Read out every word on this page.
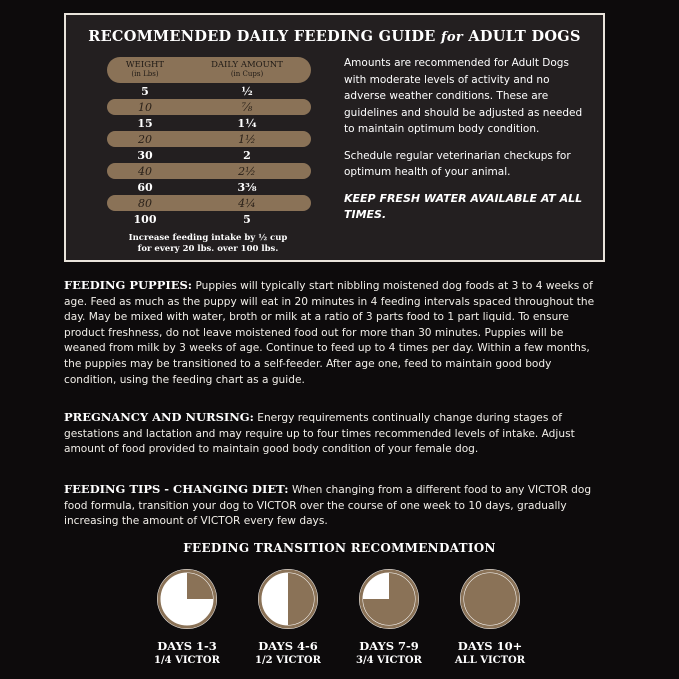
RECOMMENDED DAILY FEEDING GUIDE for ADULT DOGS
WEIGHT
(in Lbs)
DAILY AMOUNT
(in Cups)
5	½
10	⅞
15	1¼
20	1½
30	2
40	2½
60	3⅜
80	4¼
100	5
Increase feeding intake by ½ cup
for every 20 lbs. over 100 lbs.

Amounts are recommended for Adult Dogs with moderate levels of activity and no adverse weather conditions. These are guidelines and should be adjusted as needed to maintain optimum body condition.

Schedule regular veterinarian checkups for optimum health of your animal.

KEEP FRESH WATER AVAILABLE AT ALL TIMES.

FEEDING PUPPIES: Puppies will typically start nibbling moistened dog foods at 3 to 4 weeks of age. Feed as much as the puppy will eat in 20 minutes in 4 feeding intervals spaced throughout the day. May be mixed with water, broth or milk at a ratio of 3 parts food to 1 part liquid. To ensure product freshness, do not leave moistened food out for more than 30 minutes. Puppies will be weaned from milk by 3 weeks of age. Continue to feed up to 4 times per day. Within a few months, the puppies may be transitioned to a self-feeder. After age one, feed to maintain good body condition, using the feeding chart as a guide.
PREGNANCY AND NURSING: Energy requirements continually change during stages of gestations and lactation and may require up to four times recommended levels of intake. Adjust amount of food provided to maintain good body condition of your female dog.
FEEDING TIPS - CHANGING DIET: When changing from a different food to any VICTOR dog food formula, transition your dog to VICTOR over the course of one week to 10 days, gradually increasing the amount of VICTOR every few days.
FEEDING TRANSITION RECOMMENDATION
DAYS 1-3
1/4 VICTOR
DAYS 4-6
1/2 VICTOR
DAYS 7-9
3/4 VICTOR
DAYS 10+
ALL VICTOR
